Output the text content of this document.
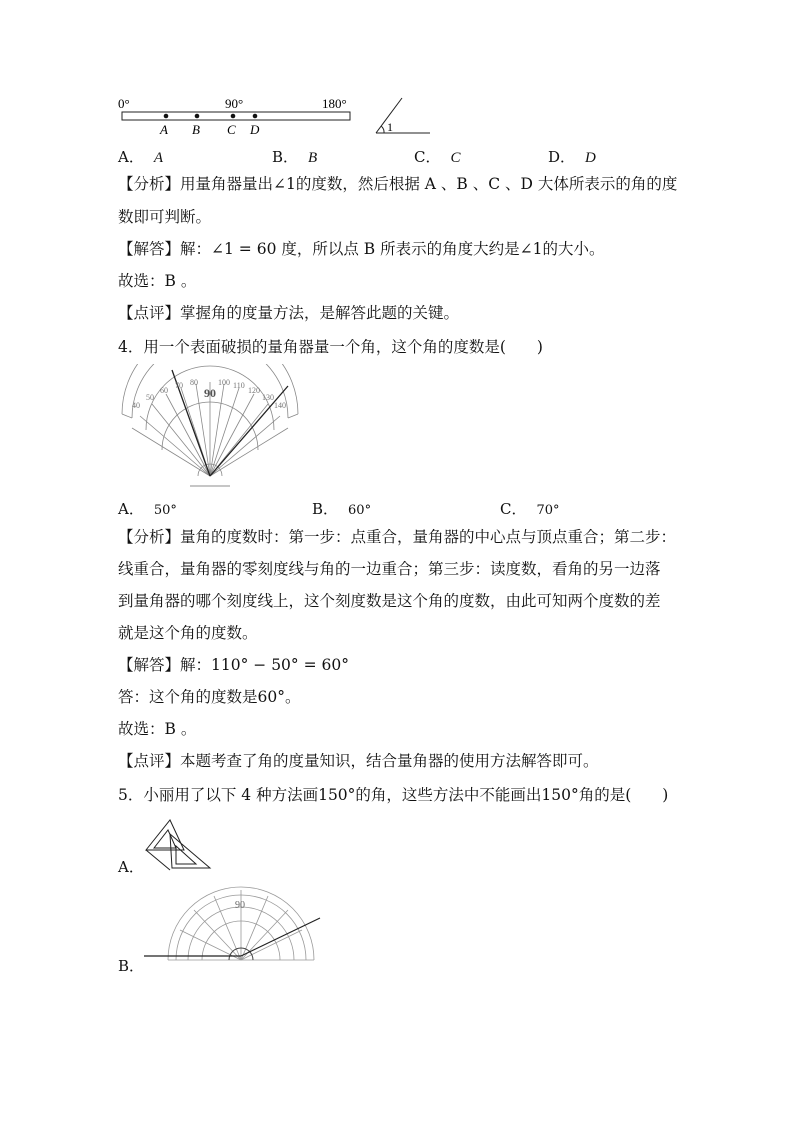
0°	90°	180°
A B C D	1
A． A	B． B	C． C	D． D
【分析】用量角器量出∠1的度数，然后根据 A 、B 、C 、D 大体所表示的角的度
数即可判断。
【解答】解：∠1 = 60 度，所以点 B 所表示的角度大约是∠1的大小。
故选：B 。
【点评】掌握角的度量方法，是解答此题的关键。
4．用一个表面破损的量角器量一个角，这个角的度数是(　　)
40
50
60
70 80
90
100 110
120
130
140
A． 50°	B． 60°	C． 70°
【分析】量角的度数时：第一步：点重合，量角器的中心点与顶点重合；第二步：
线重合，量角器的零刻度线与角的一边重合；第三步：读度数，看角的另一边落
到量角器的哪个刻度线上，这个刻度数是这个角的度数，由此可知两个度数的差
就是这个角的度数。
【解答】解：110° − 50° = 60°
答：这个角的度数是60°。
故选：B 。
【点评】本题考查了角的度量知识，结合量角器的使用方法解答即可。
5．小丽用了以下 4 种方法画150°的角，这些方法中不能画出150°角的是(　　)
A．
B．
90
